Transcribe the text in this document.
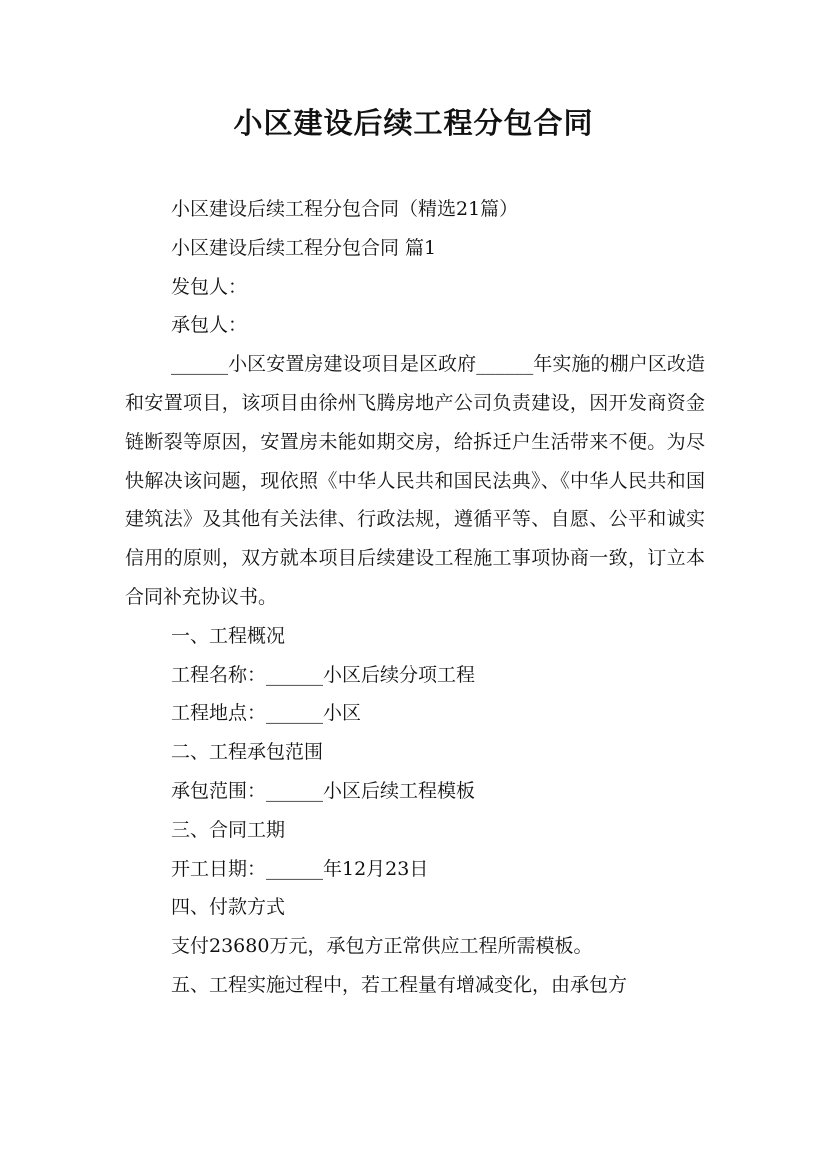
小区建设后续工程分包合同

小区建设后续工程分包合同（精选21篇）

小区建设后续工程分包合同 篇1

发包人：

承包人：

______小区安置房建设项目是区政府______年实施的棚户区改造和安置项目，该项目由徐州飞腾房地产公司负责建设，因开发商资金链断裂等原因，安置房未能如期交房，给拆迁户生活带来不便。为尽快解决该问题，现依照《中华人民共和国民法典》、《中华人民共和国建筑法》及其他有关法律、行政法规，遵循平等、自愿、公平和诚实信用的原则，双方就本项目后续建设工程施工事项协商一致，订立本合同补充协议书。

一、工程概况

工程名称：______小区后续分项工程

工程地点：______小区

二、工程承包范围

承包范围：______小区后续工程模板

三、合同工期

开工日期：______年12月23日

四、付款方式

支付23680万元，承包方正常供应工程所需模板。

五、工程实施过程中，若工程量有增减变化，由承包方
